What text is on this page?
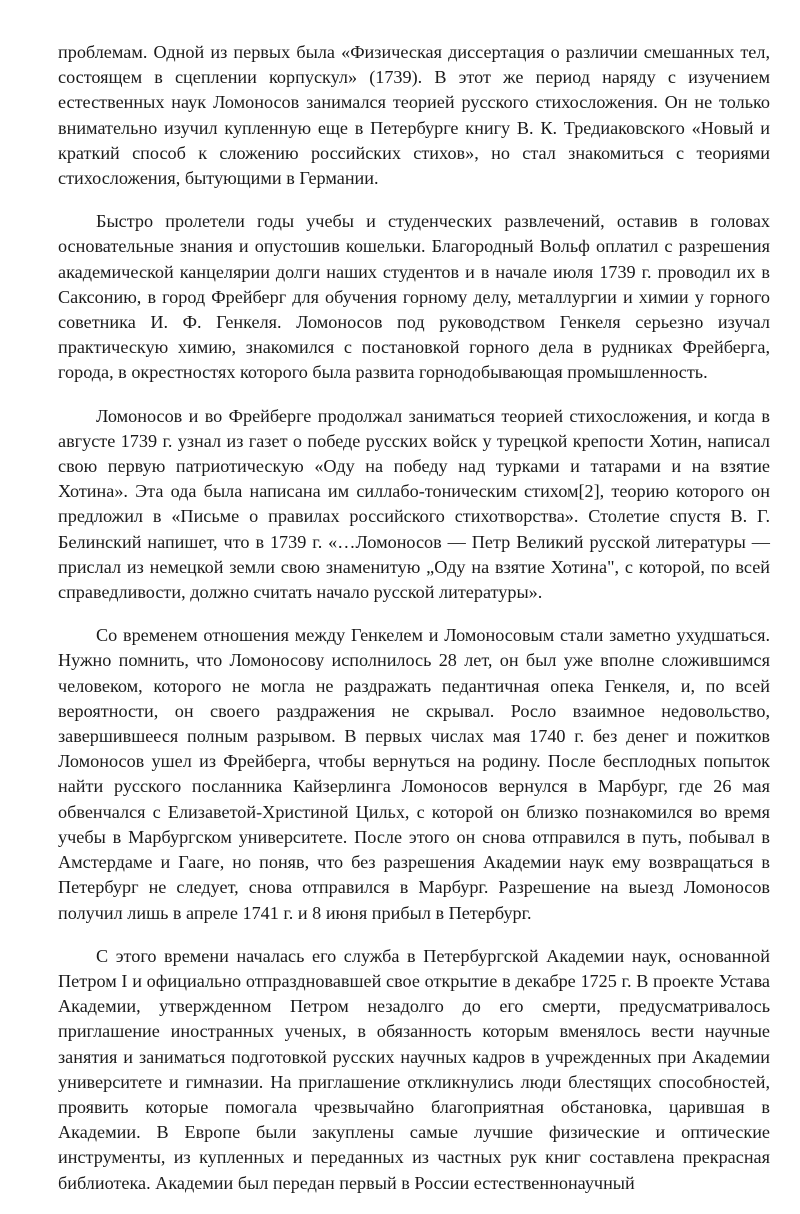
проблемам. Одной из первых была «Физическая диссертация о различии смешанных тел, состоящем в сцеплении корпускул» (1739). В этот же период наряду с изучением естественных наук Ломоносов занимался теорией русского стихосложения. Он не только внимательно изучил купленную еще в Петербурге книгу В. К. Тредиаковского «Новый и краткий способ к сложению российских стихов», но стал знакомиться с теориями стихосложения, бытующими в Германии.

Быстро пролетели годы учебы и студенческих развлечений, оставив в головах основательные знания и опустошив кошельки. Благородный Вольф оплатил с разрешения академической канцелярии долги наших студентов и в начале июля 1739 г. проводил их в Саксонию, в город Фрейберг для обучения горному делу, металлургии и химии у горного советника И. Ф. Генкеля. Ломоносов под руководством Генкеля серьезно изучал практическую химию, знакомился с постановкой горного дела в рудниках Фрейберга, города, в окрестностях которого была развита горнодобывающая промышленность.

Ломоносов и во Фрейберге продолжал заниматься теорией стихосложения, и когда в августе 1739 г. узнал из газет о победе русских войск у турецкой крепости Хотин, написал свою первую патриотическую «Оду на победу над турками и татарами и на взятие Хотина». Эта ода была написана им силлабо-тоническим стихом[2], теорию которого он предложил в «Письме о правилах российского стихотворства». Столетие спустя В. Г. Белинский напишет, что в 1739 г. «…Ломоносов — Петр Великий русской литературы — прислал из немецкой земли свою знаменитую „Оду на взятие Хотина", с которой, по всей справедливости, должно считать начало русской литературы».

Со временем отношения между Генкелем и Ломоносовым стали заметно ухудшаться. Нужно помнить, что Ломоносову исполнилось 28 лет, он был уже вполне сложившимся человеком, которого не могла не раздражать педантичная опека Генкеля, и, по всей вероятности, он своего раздражения не скрывал. Росло взаимное недовольство, завершившееся полным разрывом. В первых числах мая 1740 г. без денег и пожитков Ломоносов ушел из Фрейберга, чтобы вернуться на родину. После бесплодных попыток найти русского посланника Кайзерлинга Ломоносов вернулся в Марбург, где 26 мая обвенчался с Елизаветой-Христиной Цильх, с которой он близко познакомился во время учебы в Марбургском университете. После этого он снова отправился в путь, побывал в Амстердаме и Гааге, но поняв, что без разрешения Академии наук ему возвращаться в Петербург не следует, снова отправился в Марбург. Разрешение на выезд Ломоносов получил лишь в апреле 1741 г. и 8 июня прибыл в Петербург.

С этого времени началась его служба в Петербургской Академии наук, основанной Петром I и официально отпраздновавшей свое открытие в декабре 1725 г. В проекте Устава Академии, утвержденном Петром незадолго до его смерти, предусматривалось приглашение иностранных ученых, в обязанность которым вменялось вести научные занятия и заниматься подготовкой русских научных кадров в учрежденных при Академии университете и гимназии. На приглашение откликнулись люди блестящих способностей, проявить которые помогала чрезвычайно благоприятная обстановка, царившая в Академии. В Европе были закуплены самые лучшие физические и оптические инструменты, из купленных и переданных из частных рук книг составлена прекрасная библиотека. Академии был передан первый в России естественнонаучный
